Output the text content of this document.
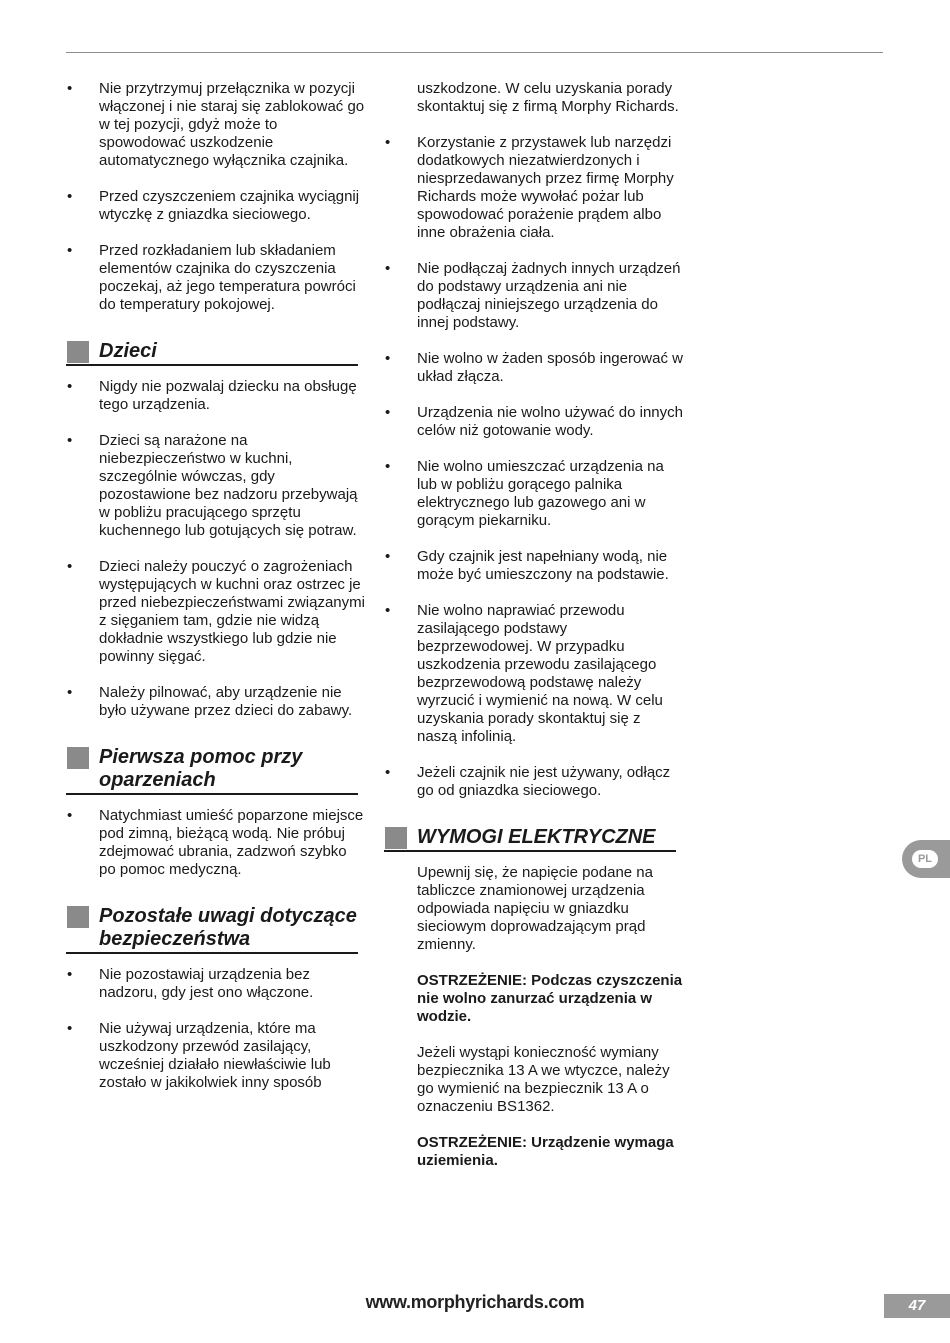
• Nie przytrzymuj przełącznika w pozycji włączonej i nie staraj się zablokować go w tej pozycji, gdyż może to spowodować uszkodzenie automatycznego wyłącznika czajnika.
• Przed czyszczeniem czajnika wyciągnij wtyczkę z gniazdka sieciowego.
• Przed rozkładaniem lub składaniem elementów czajnika do czyszczenia poczekaj, aż jego temperatura powróci do temperatury pokojowej.
Dzieci
• Nigdy nie pozwalaj dziecku na obsługę tego urządzenia.
• Dzieci są narażone na niebezpieczeństwo w kuchni, szczególnie wówczas, gdy pozostawione bez nadzoru przebywają w pobliżu pracującego sprzętu kuchennego lub gotujących się potraw.
• Dzieci należy pouczyć o zagrożeniach występujących w kuchni oraz ostrzec je przed niebezpieczeństwami związanymi z sięganiem tam, gdzie nie widzą dokładnie wszystkiego lub gdzie nie powinny sięgać.
• Należy pilnować, aby urządzenie nie było używane przez dzieci do zabawy.
Pierwsza pomoc przy oparzeniach
• Natychmiast umieść poparzone miejsce pod zimną, bieżącą wodą. Nie próbuj zdejmować ubrania, zadzwoń szybko po pomoc medyczną.
Pozostałe uwagi dotyczące bezpieczeństwa
• Nie pozostawiaj urządzenia bez nadzoru, gdy jest ono włączone.
• Nie używaj urządzenia, które ma uszkodzony przewód zasilający, wcześniej działało niewłaściwie lub zostało w jakikolwiek inny sposób

uszkodzone. W celu uzyskania porady skontaktuj się z firmą Morphy Richards.

• Korzystanie z przystawek lub narzędzi dodatkowych niezatwierdzonych i niesprzedawanych przez firmę Morphy Richards może wywołać pożar lub spowodować porażenie prądem albo inne obrażenia ciała.
• Nie podłączaj żadnych innych urządzeń do podstawy urządzenia ani nie podłączaj niniejszego urządzenia do innej podstawy.
• Nie wolno w żaden sposób ingerować w układ złącza.
• Urządzenia nie wolno używać do innych celów niż gotowanie wody.
• Nie wolno umieszczać urządzenia na lub w pobliżu gorącego palnika elektrycznego lub gazowego ani w gorącym piekarniku.
• Gdy czajnik jest napełniany wodą, nie może być umieszczony na podstawie.
• Nie wolno naprawiać przewodu zasilającego podstawy bezprzewodowej. W przypadku uszkodzenia przewodu zasilającego bezprzewodową podstawę należy wyrzucić i wymienić na nową. W celu uzyskania porady skontaktuj się z naszą infolinią.
• Jeżeli czajnik nie jest używany, odłącz go od gniazdka sieciowego.
WYMOGI ELEKTRYCZNE

Upewnij się, że napięcie podane na tabliczce znamionowej urządzenia odpowiada napięciu w gniazdku sieciowym doprowadzającym prąd zmienny.

OSTRZEŻENIE: Podczas czyszczenia nie wolno zanurzać urządzenia w wodzie.

Jeżeli wystąpi konieczność wymiany bezpiecznika 13 A we wtyczce, należy go wymienić na bezpiecznik 13 A o oznaczeniu BS1362.

OSTRZEŻENIE: Urządzenie wymaga uziemienia.

PL
www.morphyrichards.com	47
